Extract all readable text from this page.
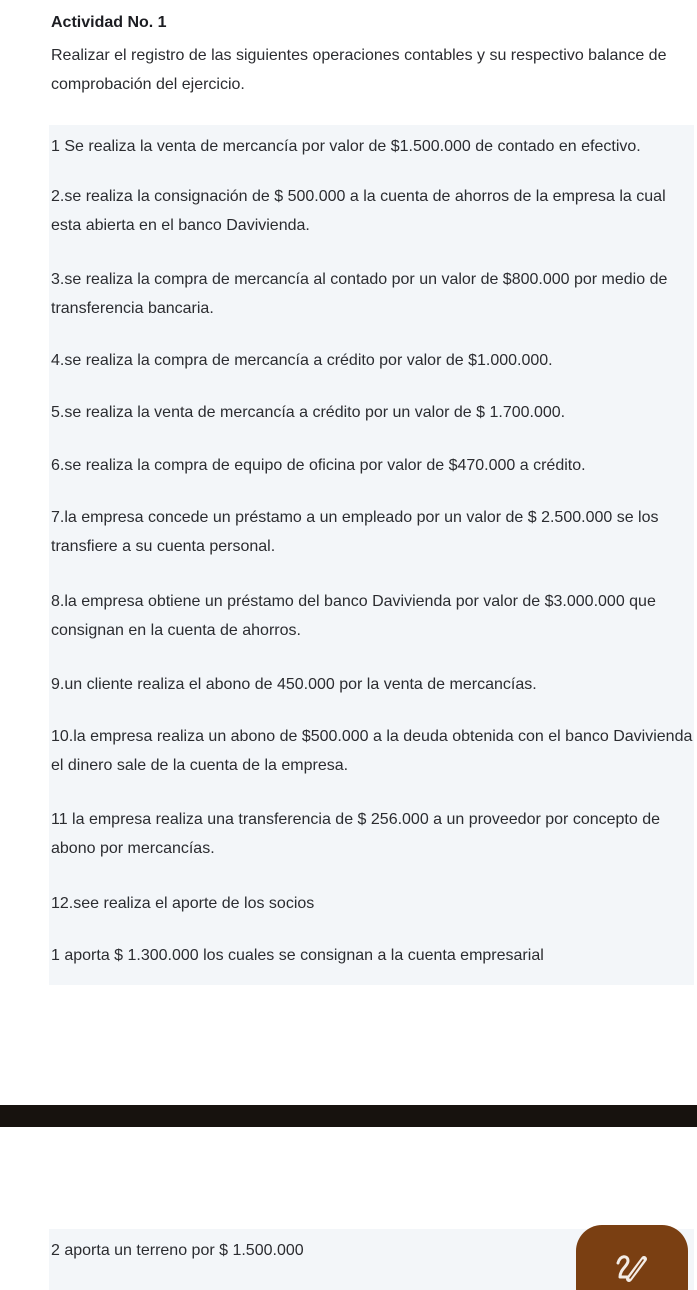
Actividad No. 1

Realizar el registro de las siguientes operaciones contables y su respectivo balance de comprobación del ejercicio.

1 Se realiza la venta de mercancía por valor de $1.500.000 de contado en efectivo.

2.se realiza la consignación de $ 500.000 a la cuenta de ahorros de la empresa la cual esta abierta en el banco Davivienda.

3.se realiza la compra de mercancía al contado por un valor de $800.000 por medio de transferencia bancaria.

4.se realiza la compra de mercancía a crédito por valor de $1.000.000.

5.se realiza la venta de mercancía a crédito por un valor de $ 1.700.000.

6.se realiza la compra de equipo de oficina por valor de $470.000 a crédito.

7.la empresa concede un préstamo a un empleado por un valor de $ 2.500.000 se los transfiere a su cuenta personal.

8.la empresa obtiene un préstamo del banco Davivienda por valor de $3.000.000 que consignan en la cuenta de ahorros.

9.un cliente realiza el abono de 450.000 por la venta de mercancías.

10.la empresa realiza un abono de $500.000 a la deuda obtenida con el banco Davivienda el dinero sale de la cuenta de la empresa.

11 la empresa realiza una transferencia de $ 256.000 a un proveedor por concepto de abono por mercancías.

12.see realiza el aporte de los socios

1 aporta $ 1.300.000 los cuales se consignan a la cuenta empresarial

2 aporta un terreno por $ 1.500.000
